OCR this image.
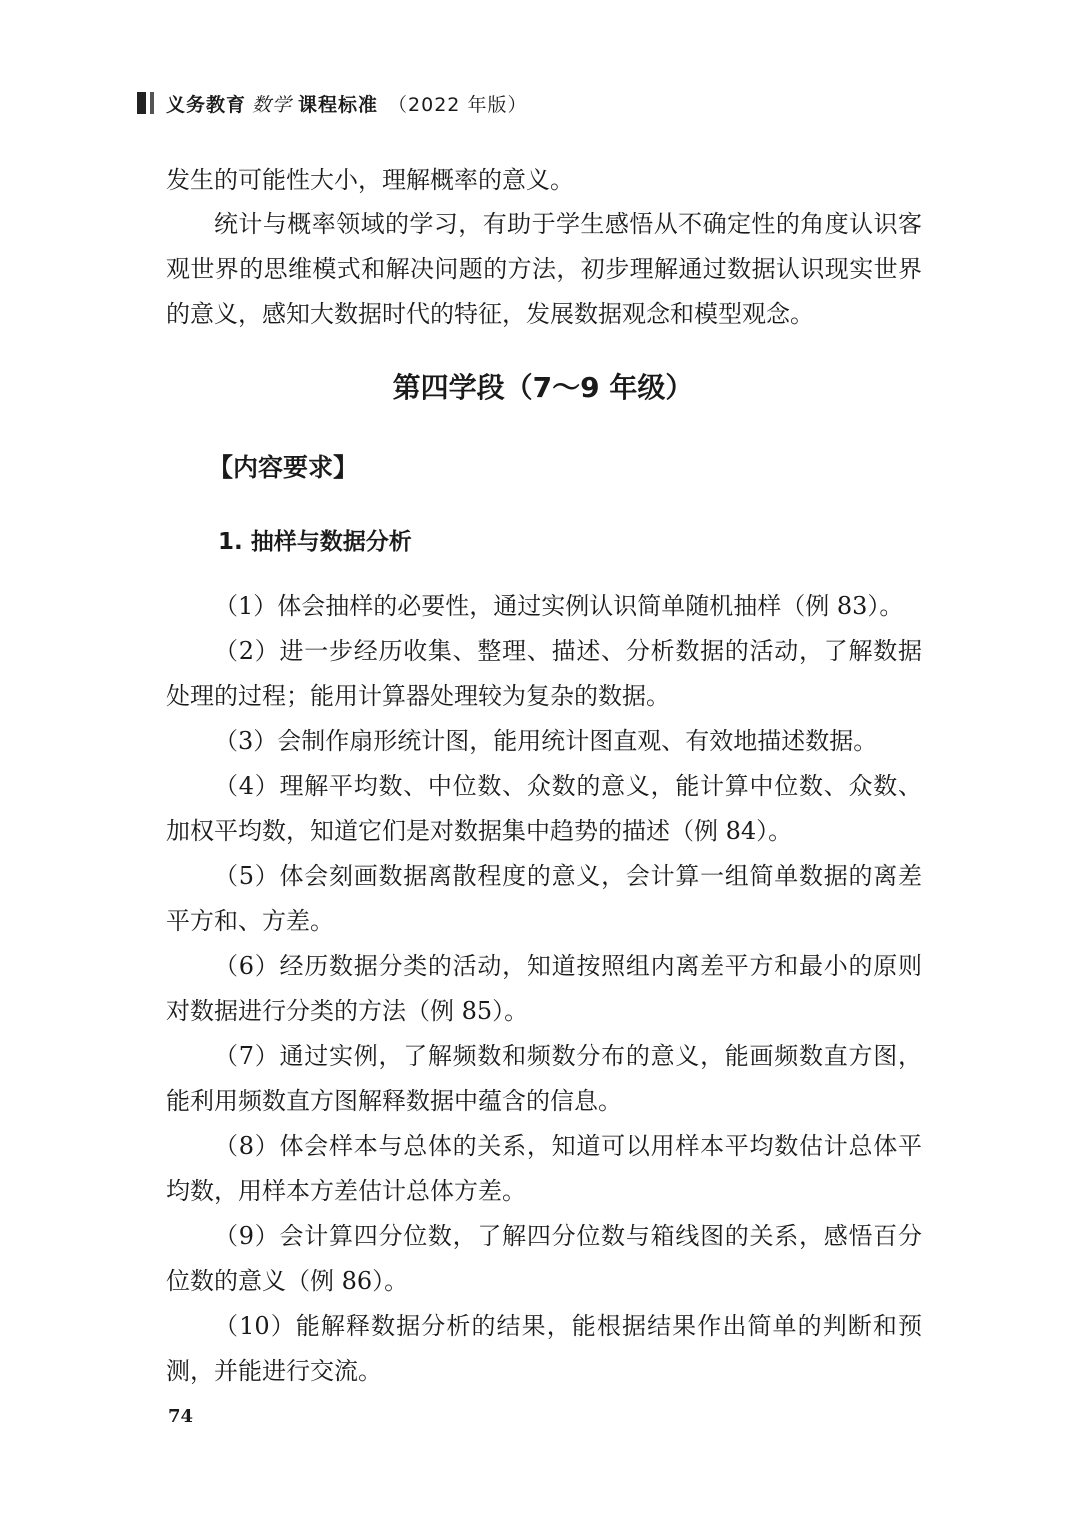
义务教育 数学 课程标准 （2022 年版）

发生的可能性大小，理解概率的意义。

统计与概率领域的学习，有助于学生感悟从不确定性的角度认识客观世界的思维模式和解决问题的方法，初步理解通过数据认识现实世界的意义，感知大数据时代的特征，发展数据观念和模型观念。

第四学段（7～9 年级）
【内容要求】
1. 抽样与数据分析

（1）体会抽样的必要性，通过实例认识简单随机抽样（例 83）。

（2）进一步经历收集、整理、描述、分析数据的活动，了解数据处理的过程；能用计算器处理较为复杂的数据。

（3）会制作扇形统计图，能用统计图直观、有效地描述数据。

（4）理解平均数、中位数、众数的意义，能计算中位数、众数、加权平均数，知道它们是对数据集中趋势的描述（例 84）。

（5）体会刻画数据离散程度的意义，会计算一组简单数据的离差平方和、方差。

（6）经历数据分类的活动，知道按照组内离差平方和最小的原则对数据进行分类的方法（例 85）。

（7）通过实例，了解频数和频数分布的意义，能画频数直方图，能利用频数直方图解释数据中蕴含的信息。

（8）体会样本与总体的关系，知道可以用样本平均数估计总体平均数，用样本方差估计总体方差。

（9）会计算四分位数，了解四分位数与箱线图的关系，感悟百分位数的意义（例 86）。

（10）能解释数据分析的结果，能根据结果作出简单的判断和预测，并能进行交流。

74
